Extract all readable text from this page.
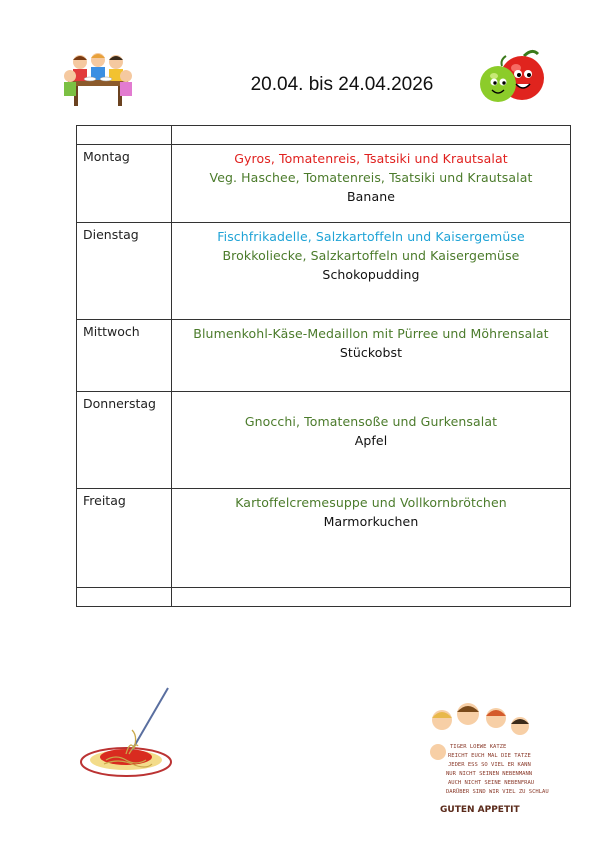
20.04. bis 24.04.2026
TIGER LOEWE KATZE
REICHT EUCH MAL DIE TATZE
JEDER ESS SO VIEL ER KANN
NUR NICHT SEINEN NEBENMANN
AUCH NICHT SEINE NEBENFRAU
DARÜBER SIND WIR VIEL ZU SCHLAU
GUTEN APPETIT

Montag	Gyros, Tomatenreis, Tsatsiki und Krautsalat
Veg. Haschee, Tomatenreis, Tsatsiki und Krautsalat
Banane

Dienstag	Fischfrikadelle, Salzkartoffeln und Kaisergemüse
Brokkoliecke, Salzkartoffeln und Kaisergemüse
Schokopudding

Mittwoch	Blumenkohl-Käse-Medaillon mit Pürree und Möhrensalat
Stückobst

Donnerstag	Gnocchi, Tomatensoße und Gurkensalat
Apfel

Freitag	Kartoffelcremesuppe und Vollkornbrötchen
Marmorkuchen
